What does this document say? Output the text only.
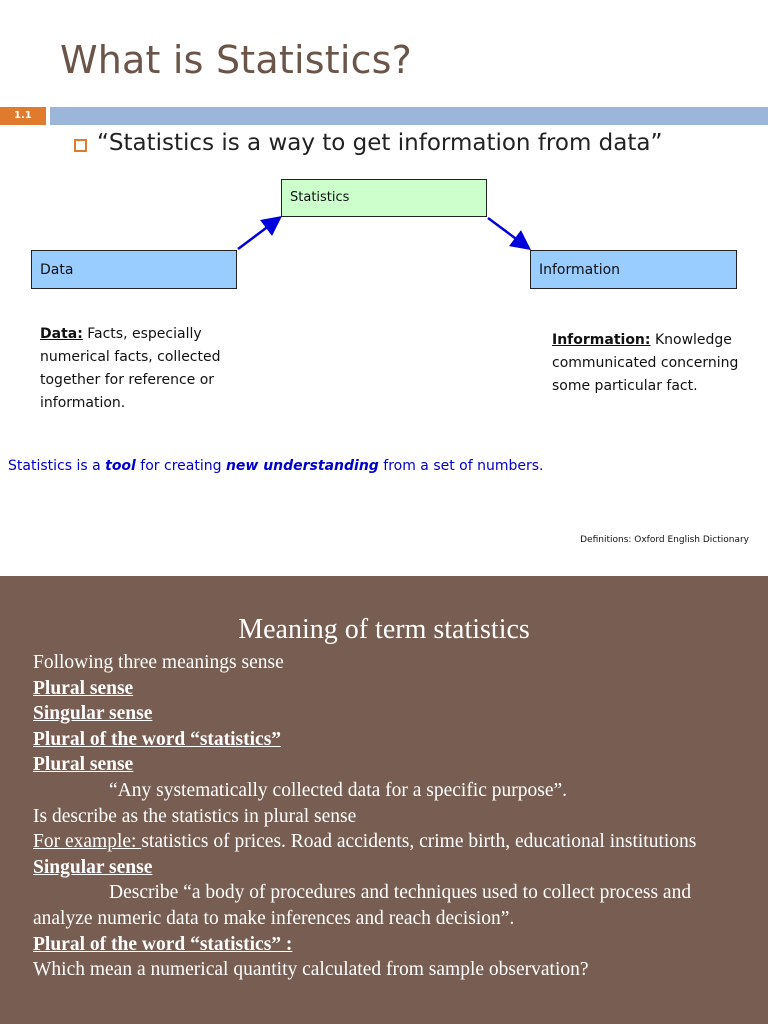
What is Statistics?
1.1
“Statistics is a way to get information from data”
Statistics
Data	Information
Data: Facts, especially numerical facts, collected together for reference or information.
Information: Knowledge communicated concerning some particular fact.
Statistics is a tool for creating new understanding from a set of numbers.
Definitions: Oxford English Dictionary
Meaning of term statistics
Following three meanings sense
Plural sense
Singular sense
Plural of the word “statistics”
Plural sense
“Any systematically collected data for a specific purpose”.
Is describe as the statistics in plural sense
For example: statistics of prices. Road accidents, crime birth, educational institutions
Singular sense
Describe “a body of procedures and techniques used to collect process and analyze numeric data to make inferences and reach decision”.
Plural of the word “statistics” :
Which mean a numerical quantity calculated from sample observation?
